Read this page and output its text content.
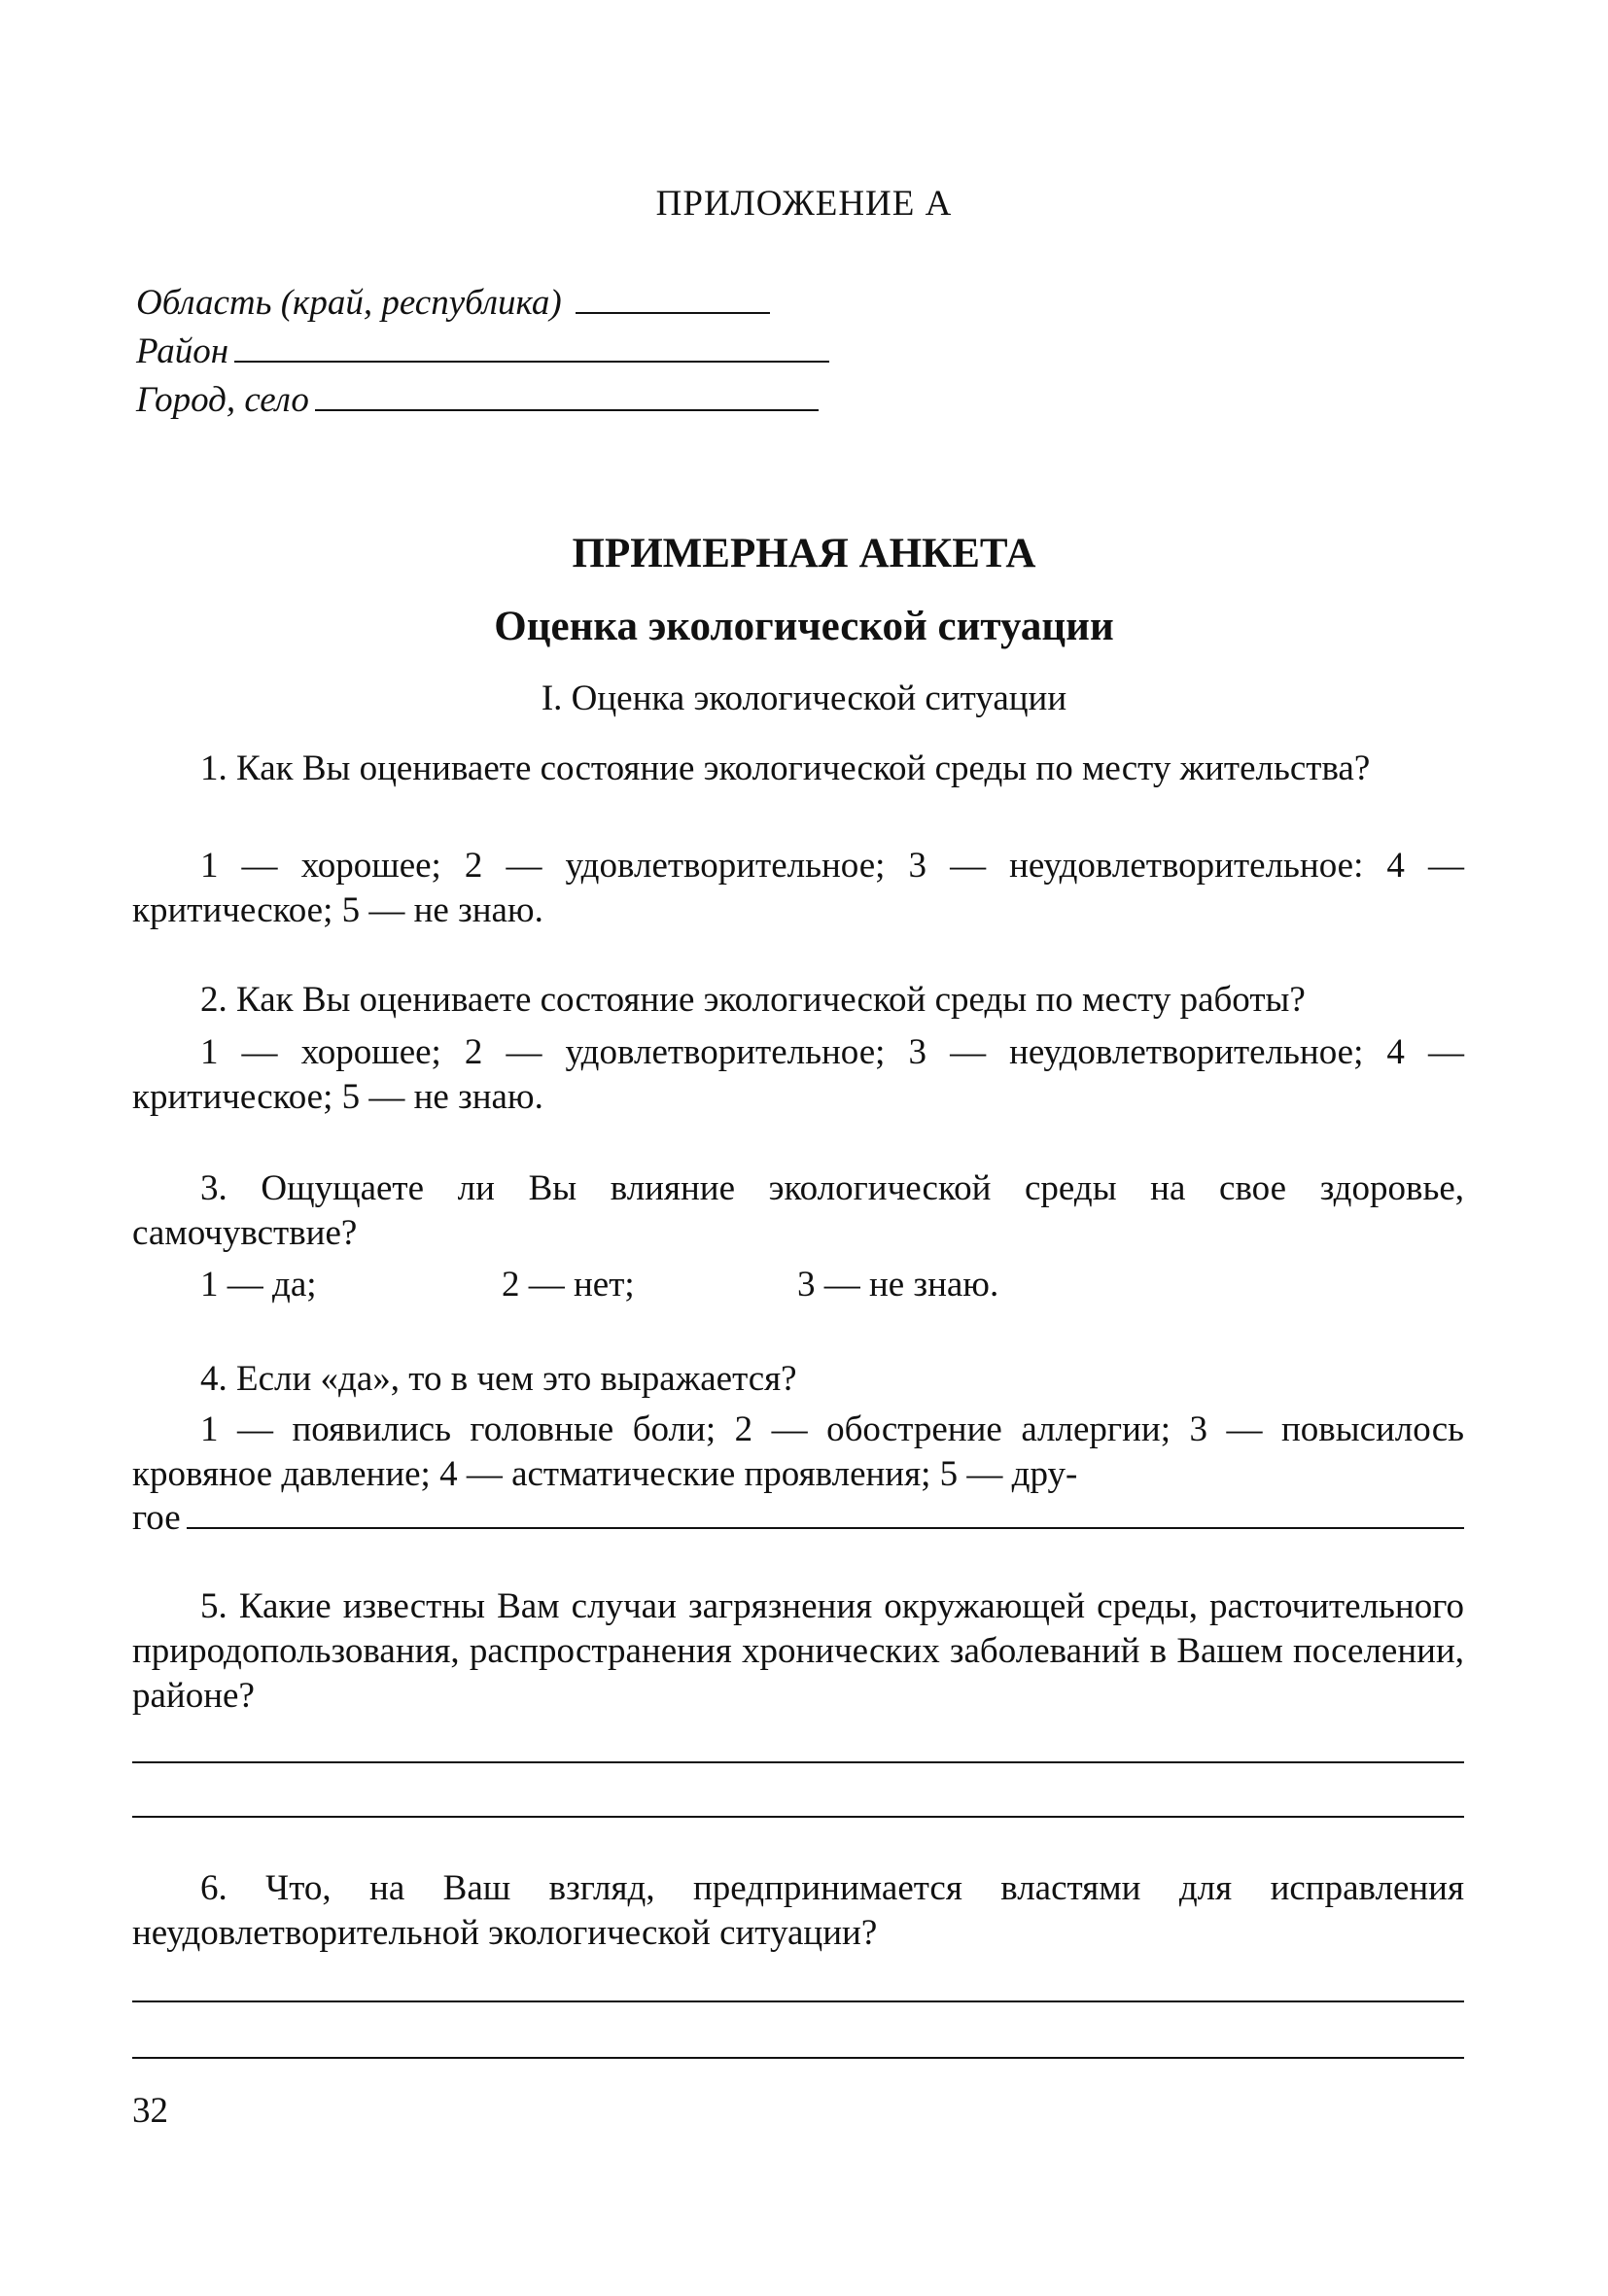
ПРИЛОЖЕНИЕ А
Область (край, республика)
Район
Город, село
ПРИМЕРНАЯ АНКЕТА
Оценка экологической ситуации
I. Оценка экологической ситуации

1. Как Вы оцениваете состояние экологической среды по месту жительства?

1 — хорошее; 2 — удовлетворительное; 3 — неудовлетворительное: 4 — критическое; 5 — не знаю.

2. Как Вы оцениваете состояние экологической среды по месту работы?

1 — хорошее; 2 — удовлетворительное; 3 — неудовлетворительное; 4 — критическое; 5 — не знаю.

3. Ощущаете ли Вы влияние экологической среды на свое здоровье, самочувствие?

1 — да;	2 — нет;	3 — не знаю.

4. Если «да», то в чем это выражается?

1 — появились головные боли; 2 — обострение аллергии; 3 — повысилось кровяное давление; 4 — астматические проявления; 5 — дру-

гое

5. Какие известны Вам случаи загрязнения окружающей среды, расточительного природопользования, распространения хронических заболеваний в Вашем поселении, районе?

6. Что, на Ваш взгляд, предпринимается властями для исправления неудовлетворительной экологической ситуации?

32
